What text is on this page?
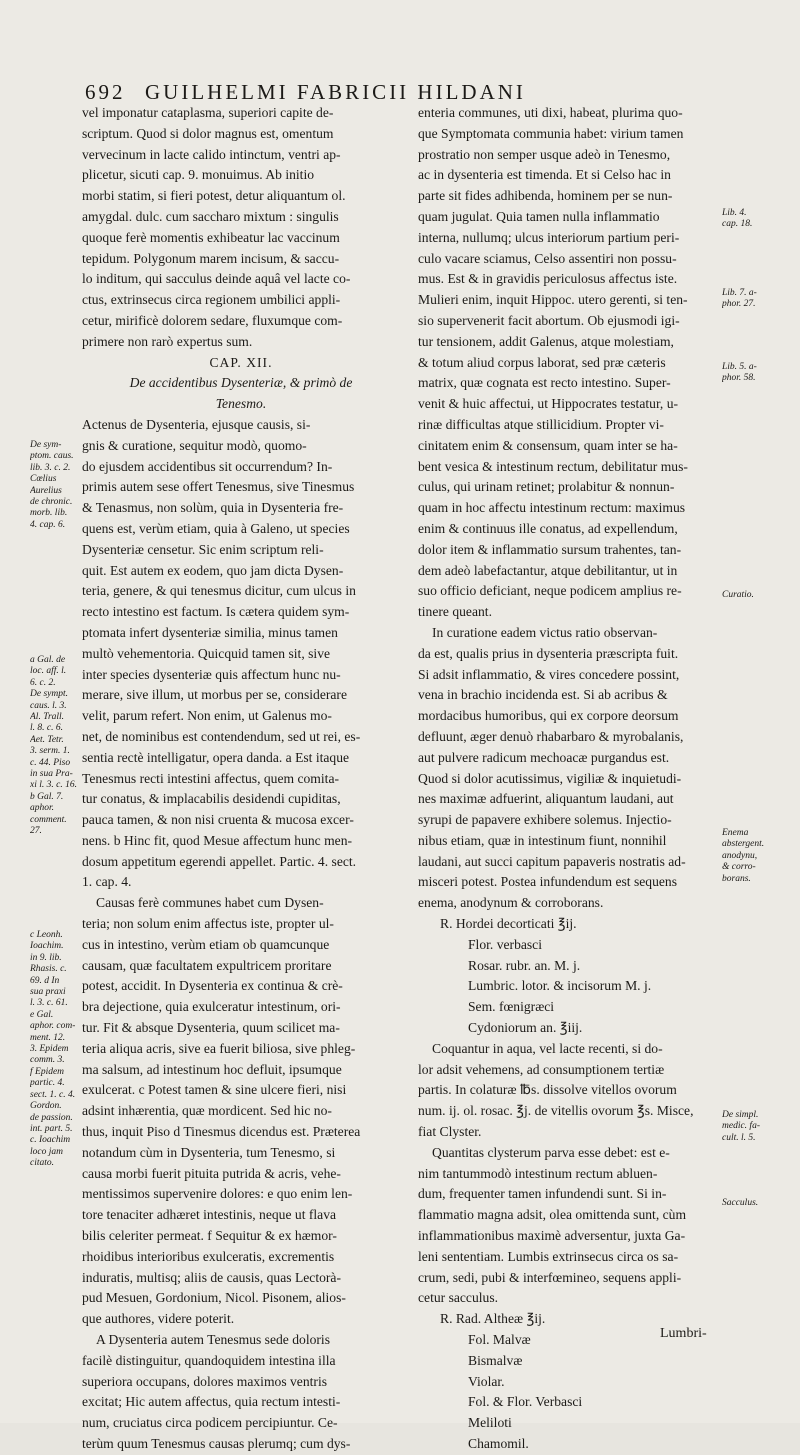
692 GUILHELMI FABRICII HILDANI
vel imponatur cataplasma, superiori capite de-
scriptum. Quod si dolor magnus est, omentum
vervecinum in lacte calido intinctum, ventri ap-
plicetur, sicuti cap. 9. monuimus. Ab initio
morbi statim, si fieri potest, detur aliquantum ol.
amygdal. dulc. cum saccharo mixtum : singulis
quoque ferè momentis exhibeatur lac vaccinum
tepidum. Polygonum marem incisum, & saccu-
lo inditum, qui sacculus deinde aquâ vel lacte co-
ctus, extrinsecus circa regionem umbilici appli-
cetur, mirificè dolorem sedare, fluxumque com-
primere non rarò expertus sum.
CAP. XII.
De accidentibus Dysenteriæ, & primò de
Tenesmo.
Actenus de Dysenteria, ejusque causis, si-
gnis & curatione, sequitur modò, quomo-
do ejusdem accidentibus sit occurrendum? In-
primis autem sese offert Tenesmus, sive Tinesmus
& Tenasmus, non solùm, quia in Dysenteria fre-
quens est, verùm etiam, quia à Galeno, ut species
Dysenteriæ censetur. Sic enim scriptum reli-
quit. Est autem ex eodem, quo jam dicta Dysen-
teria, genere, & qui tenesmus dicitur, cum ulcus in
recto intestino est factum. Is cætera quidem sym-
ptomata infert dysenteriæ similia, minus tamen
multò vehementoria. Quicquid tamen sit, sive
inter species dysenteriæ quis affectum hunc nu-
merare, sive illum, ut morbus per se, considerare
velit, parum refert. Non enim, ut Galenus mo-
net, de nominibus est contendendum, sed ut rei, es-
sentia rectè intelligatur, opera danda. a Est itaque
Tenesmus recti intestini affectus, quem comita-
tur conatus, & implacabilis desidendi cupiditas,
pauca tamen, & non nisi cruenta & mucosa excer-
nens. b Hinc fit, quod Mesue affectum hunc men-
dosum appetitum egerendi appellet. Partic. 4. sect.
1. cap. 4.
Causas ferè communes habet cum Dysen-
teria; non solum enim affectus iste, propter ul-
cus in intestino, verùm etiam ob quamcunque
causam, quæ facultatem expultricem proritare
potest, accidit. In Dysenteria ex continua & crè-
bra dejectione, quia exulceratur intestinum, ori-
tur. Fit & absque Dysenteria, quum scilicet ma-
teria aliqua acris, sive ea fuerit biliosa, sive phleg-
ma salsum, ad intestinum hoc defluit, ipsumque
exulcerat. c Potest tamen & sine ulcere fieri, nisi
adsint inhærentia, quæ mordicent. Sed hic no-
thus, inquit Piso d Tinesmus dicendus est. Præterea
notandum cùm in Dysenteria, tum Tenesmo, si
causa morbi fuerit pituita putrida & acris, vehe-
mentissimos supervenire dolores: e quo enim len-
tore tenaciter adhæret intestinis, neque ut flava
bilis celeriter permeat. f Sequitur & ex hæmor-
rhoidibus interioribus exulceratis, excrementis
induratis, multisq; aliis de causis, quas Lectorà-
pud Mesuen, Gordonium, Nicol. Pisonem, alios-
que authores, videre poterit.
A Dysenteria autem Tenesmus sede doloris
facilè distinguitur, quandoquidem intestina illa
superiora occupans, dolores maximos ventris
excitat; Hic autem affectus, quia rectum intesti-
num, cruciatus circa podicem percipiuntur. Ce-
terùm quum Tenesmus causas plerumq; cum dys-
enteria communes, uti dixi, habeat, plurima quo-
que Symptomata communia habet: virium tamen
prostratio non semper usque adeò in Tenesmo,
ac in dysenteria est timenda. Et si Celso hac in
parte sit fides adhibenda, hominem per se nun-
quam jugulat. Quia tamen nulla inflammatio
interna, nullumq; ulcus interiorum partium peri-
culo vacare sciamus, Celso assentiri non possu-
mus. Est & in gravidis periculosus affectus iste.
Mulieri enim, inquit Hippoc. utero gerenti, si ten-
sio supervenerit facit abortum. Ob ejusmodi igi-
tur tensionem, addit Galenus, atque molestiam,
& totum aliud corpus laborat, sed præ cæteris
matrix, quæ cognata est recto intestino. Super-
venit & huic affectui, ut Hippocrates testatur, u-
rinæ difficultas atque stillicidium. Propter vi-
cinitatem enim & consensum, quam inter se ha-
bent vesica & intestinum rectum, debilitatur mus-
culus, qui urinam retinet; prolabitur & nonnun-
quam in hoc affectu intestinum rectum: maximus
enim & continuus ille conatus, ad expellendum,
dolor item & inflammatio sursum trahentes, tan-
dem adeò labefactantur, atque debilitantur, ut in
suo officio deficiant, neque podicem amplius re-
tinere queant.
In curatione eadem victus ratio observan-
da est, qualis prius in dysenteria præscripta fuit.
Si adsit inflammatio, & vires concedere possint,
vena in brachio incidenda est. Si ab acribus &
mordacibus humoribus, qui ex corpore deorsum
defluunt, æger denuò rhabarbaro & myrobalanis,
aut pulvere radicum mechoacæ purgandus est.
Quod si dolor acutissimus, vigiliæ & inquietudi-
nes maximæ adfuerint, aliquantum laudani, aut
syrupi de papavere exhibere solemus. Injectio-
nibus etiam, quæ in intestinum fiunt, nonnihil
laudani, aut succi capitum papaveris nostratis ad-
misceri potest. Postea infundendum est sequens
enema, anodynum & corroborans.
R. Hordei decorticati ℥ij.
Flor. verbasci
Rosar. rubr. an. M. j.
Lumbric. lotor. & incisorum M. j.
Sem. fœnigræci
Cydoniorum an. ℥iij.
Coquantur in aqua, vel lacte recenti, si do-
lor adsit vehemens, ad consumptionem tertiæ
partis. In colaturæ ℔s. dissolve vitellos ovorum
num. ij. ol. rosac. ℥j. de vitellis ovorum ℥s. Misce,
fiat Clyster.
Quantitas clysterum parva esse debet: est e-
nim tantummodò intestinum rectum abluen-
dum, frequenter tamen infundendi sunt. Si in-
flammatio magna adsit, olea omittenda sunt, cùm
inflammationibus maximè adversentur, juxta Ga-
leni sententiam. Lumbis extrinsecus circa os sa-
crum, sedi, pubi & interfœmineo, sequens appli-
cetur sacculus.
R. Rad. Altheæ ℥ij.
Fol. Malvæ
Bismalvæ
Violar.
Fol. & Flor. Verbasci
Meliloti
Chamomil.
De sym-
ptom. caus.
lib. 3. c. 2.
Cœlius
Aurelius
de chronic.
morb. lib.
4. cap. 6.
a Gal. de
loc. aff. l.
6. c. 2.
De sympt.
caus. l. 3.
Al. Trall.
l. 8. c. 6.
Aet. Tetr.
3. serm. 1.
c. 44. Piso
in sua Pra-
xi l. 3. c. 16.
b Gal. 7.
aphor.
comment.
27.
c Leonh.
Ioachim.
in 9. lib.
Rhasis. c.
69. d In
sua praxi
l. 3. c. 61.
e Gal.
aphor. com-
ment. 12.
3. Epidem
comm. 3.
f Epidem
partic. 4.
sect. 1. c. 4.
Gordon.
de passion.
int. part. 5.
c. Ioachim
loco jam
citato.
Lib. 4.
cap. 18.
Lib. 7. a-
phor. 27.
Lib. 5. a-
phor. 58.
Curatio.
Enema
abstergent.
anodynu,
& corro-
borans.
De simpl.
medic. fa-
cult. l. 5.
Sacculus.
Lumbri-
